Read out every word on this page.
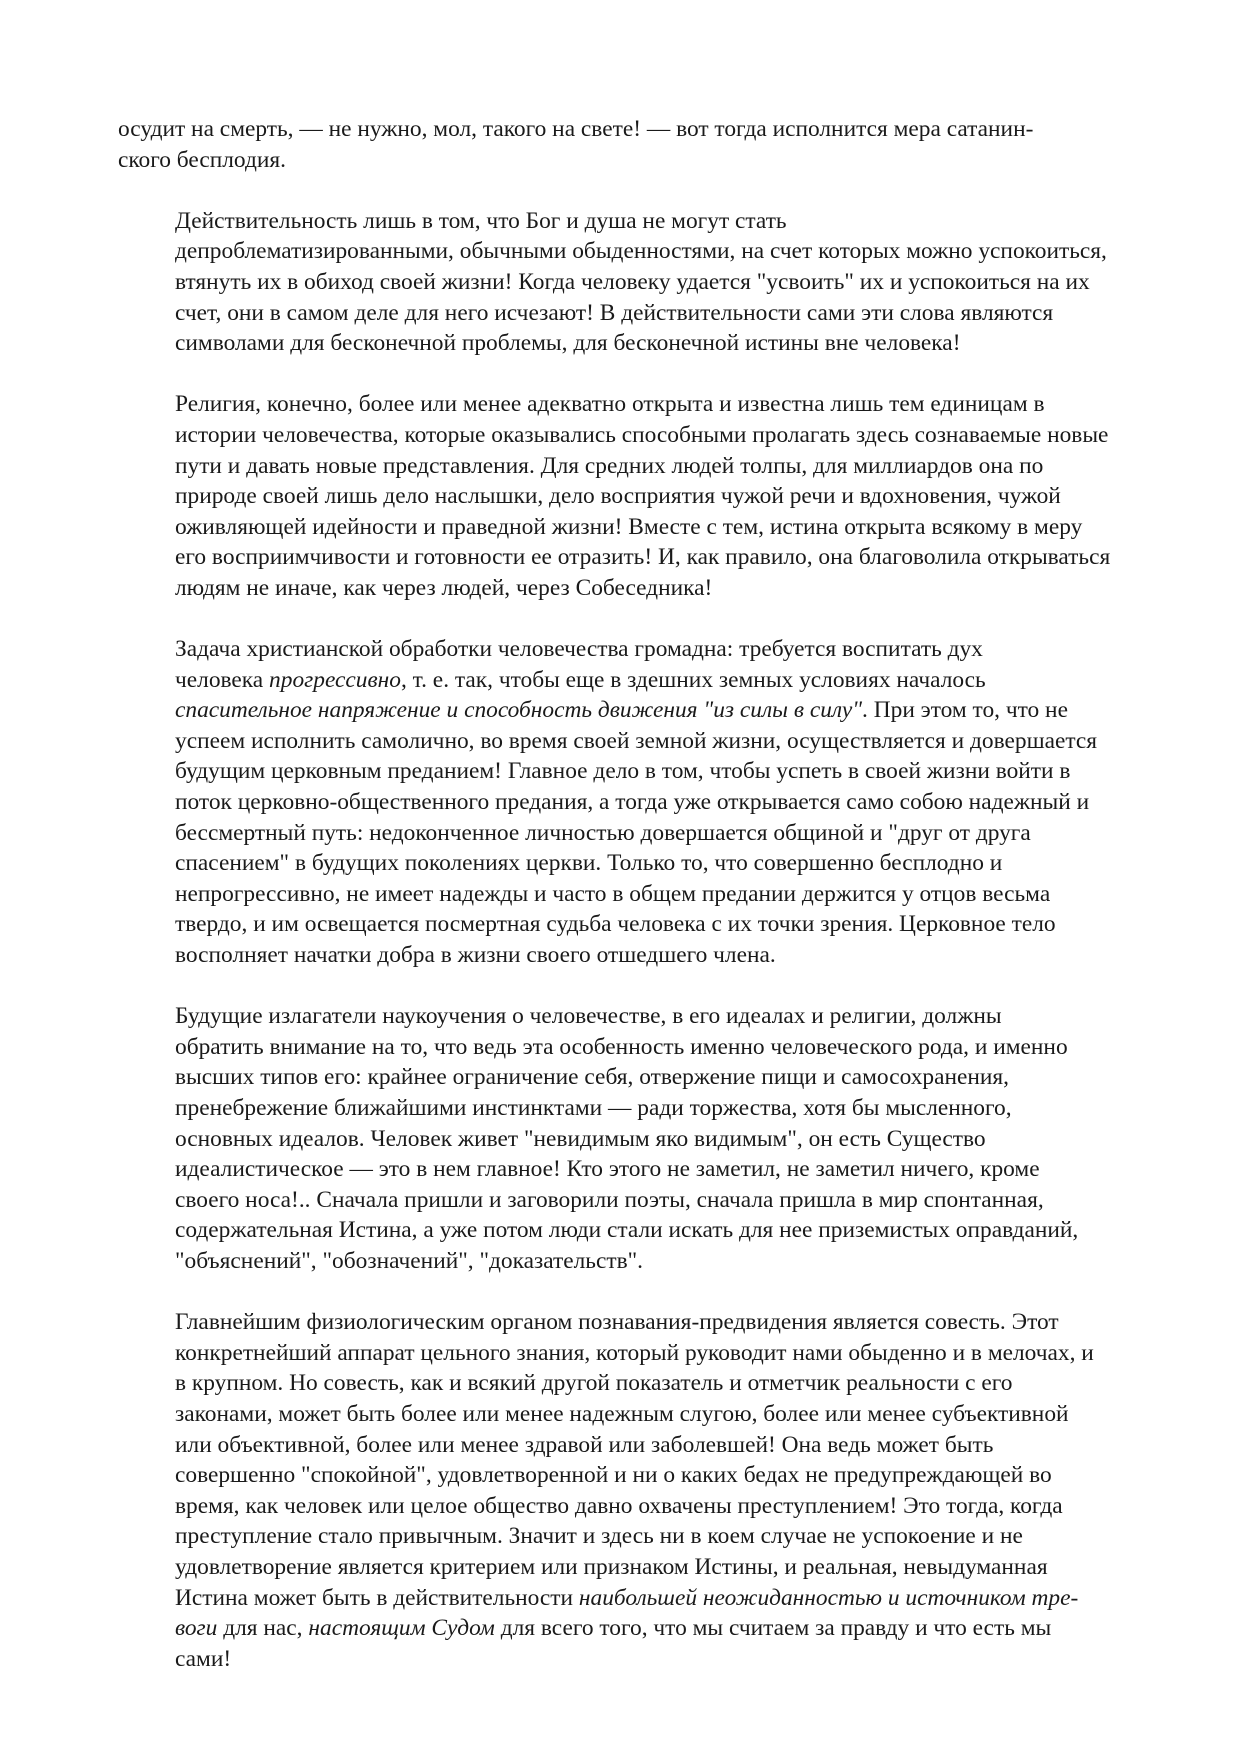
осудит на смерть, — не нужно, мол, такого на свете! — вот тогда исполнится мера сатанин-
ского бесплодия.

Действительность лишь в том, что Бог и душа не могут стать
депроблематизированными, обычными обыденностями, на счет которых можно успокоиться,
втянуть их в обиход своей жизни! Когда человеку удается "усвоить" их и успокоиться на их
счет, они в самом деле для него исчезают! В действительности сами эти слова являются
символами для бесконечной проблемы, для бесконечной истины вне человека!

Религия, конечно, более или менее адекватно открыта и известна лишь тем единицам в
истории человечества, которые оказывались способными пролагать здесь сознаваемые новые
пути и давать новые представления. Для средних людей толпы, для миллиардов она по
природе своей лишь дело наслышки, дело восприятия чужой речи и вдохновения, чужой
оживляющей идейности и праведной жизни! Вместе с тем, истина открыта всякому в меру
его восприимчивости и готовности ее отразить! И, как правило, она благоволила открываться
людям не иначе, как через людей, через Собеседника!

Задача христианской обработки человечества громадна: требуется воспитать дух
человека прогрессивно, т. е. так, чтобы еще в здешних земных условиях началось
спасительное напряжение и способность движения "из силы в силу". При этом то, что не
успеем исполнить самолично, во время своей земной жизни, осуществляется и довершается
будущим церковным преданием! Главное дело в том, чтобы успеть в своей жизни войти в
поток церковно-общественного предания, а тогда уже открывается само собою надежный и
бессмертный путь: недоконченное личностью довершается общиной и "друг от друга
спасением" в будущих поколениях церкви. Только то, что совершенно бесплодно и
непрогрессивно, не имеет надежды и часто в общем предании держится у отцов весьма
твердо, и им освещается посмертная судьба человека с их точки зрения. Церковное тело
восполняет начатки добра в жизни своего отшедшего члена.

Будущие излагатели наукоучения о человечестве, в его идеалах и религии, должны
обратить внимание на то, что ведь эта особенность именно человеческого рода, и именно
высших типов его: крайнее ограничение себя, отвержение пищи и самосохранения,
пренебрежение ближайшими инстинктами — ради торжества, хотя бы мысленного,
основных идеалов. Человек живет "невидимым яко видимым", он есть Существо
идеалистическое — это в нем главное! Кто этого не заметил, не заметил ничего, кроме
своего носа!.. Сначала пришли и заговорили поэты, сначала пришла в мир спонтанная,
содержательная Истина, а уже потом люди стали искать для нее приземистых оправданий,
"объяснений", "обозначений", "доказательств".

Главнейшим физиологическим органом познавания-предвидения является совесть. Этот
конкретнейший аппарат цельного знания, который руководит нами обыденно и в мелочах, и
в крупном. Но совесть, как и всякий другой показатель и отметчик реальности с его
законами, может быть более или менее надежным слугою, более или менее субъективной
или объективной, более или менее здравой или заболевшей! Она ведь может быть
совершенно "спокойной", удовлетворенной и ни о каких бедах не предупреждающей во
время, как человек или целое общество давно охвачены преступлением! Это тогда, когда
преступление стало привычным. Значит и здесь ни в коем случае не успокоение и не
удовлетворение является критерием или признаком Истины, и реальная, невыдуманная
Истина может быть в действительности наибольшей неожиданностью и источником тре-
воги для нас, настоящим Судом для всего того, что мы считаем за правду и что есть мы
сами!
